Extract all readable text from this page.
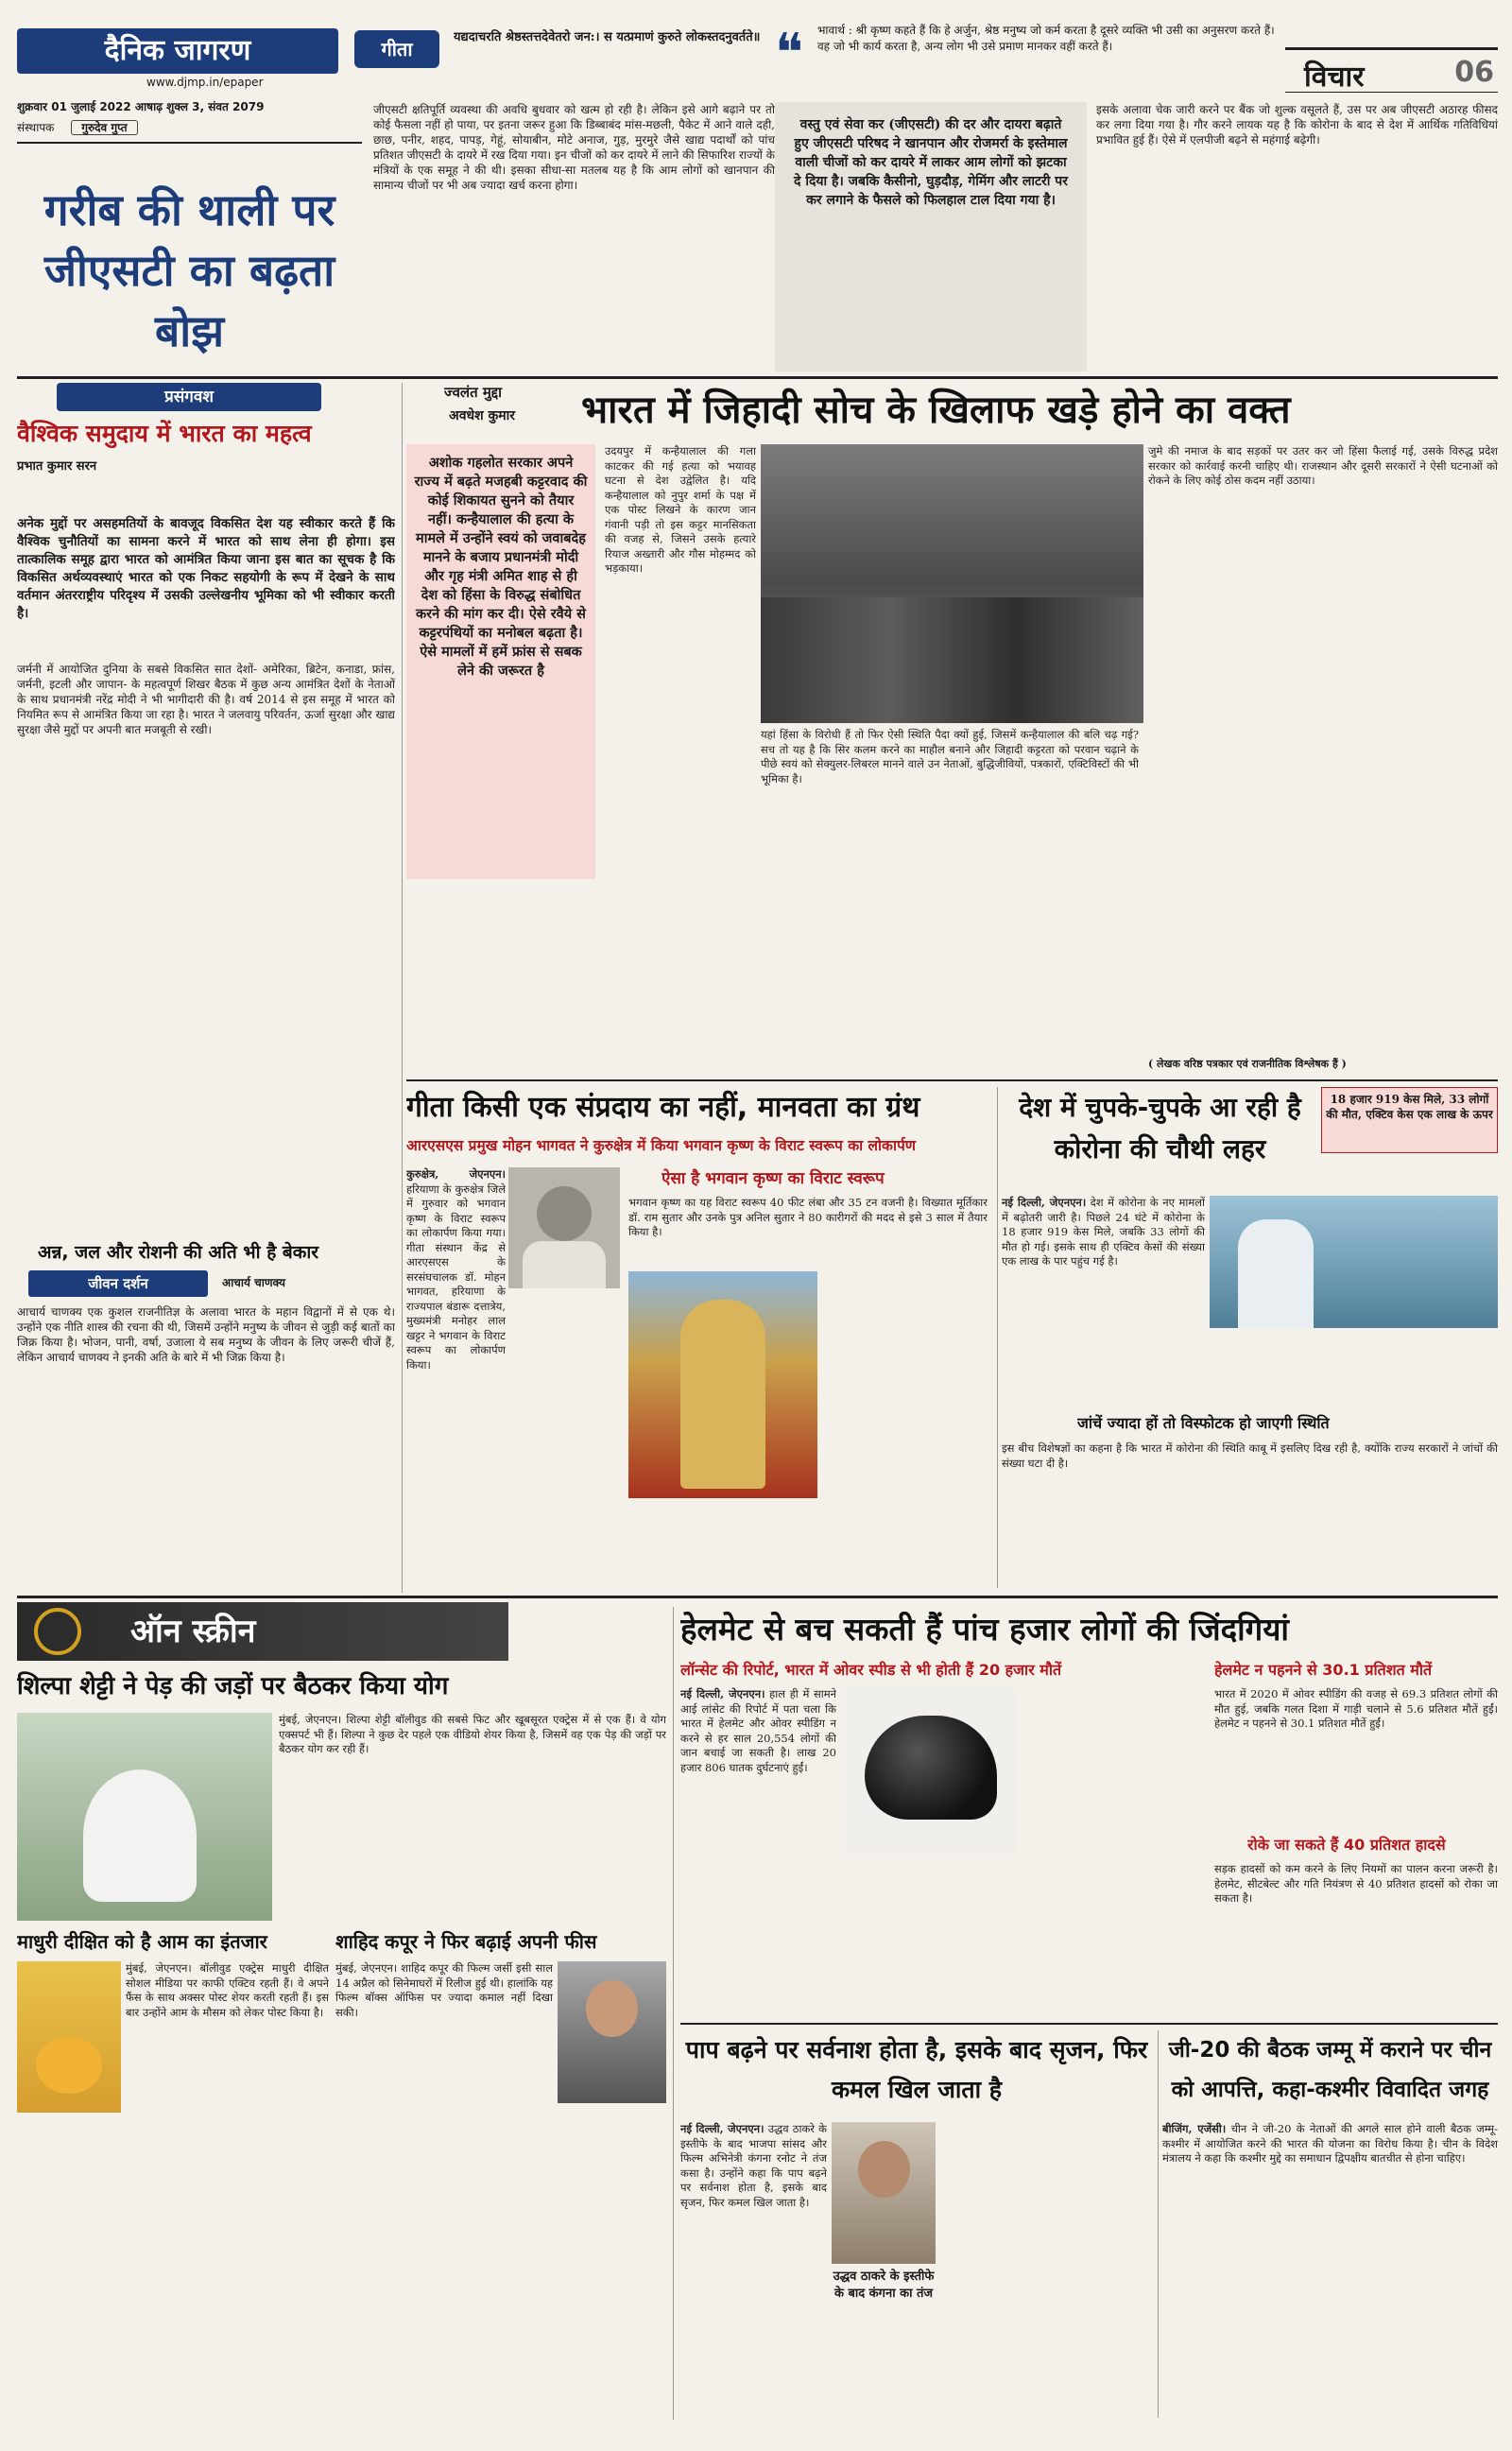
दैनिक जागरण
www.djmp.in/epaper
शुक्रवार 01 जुलाई 2022 आषाढ़ शुक्ल 3, संवत 2079
संस्थापक गुरुदेव गुप्त
गीता
यद्यदाचरति श्रेष्ठस्तत्तदेवेतरो जन:। स यत्प्रमाणं कुरुते लोकस्तदनुवर्तते॥ ❝	भावार्थ : श्री कृष्ण कहते हैं कि हे अर्जुन, श्रेष्ठ मनुष्य जो कर्म करता है दूसरे व्यक्ति भी उसी का अनुसरण करते हैं। वह जो भी कार्य करता है, अन्य लोग भी उसे प्रमाण मानकर वहीं करते हैं।
विचार	06
गरीब की थाली पर जीएसटी का बढ़ता बोझ
जीएसटी क्षतिपूर्ति व्यवस्था की अवधि बुधवार को खत्म हो रही है। लेकिन इसे आगे बढ़ाने पर तो कोई फैसला नहीं हो पाया, पर इतना जरूर हुआ कि डिब्बाबंद मांस-मछली, पैकेट में आने वाले दही, छाछ, पनीर, शहद, पापड़, गेहूं, सोयाबीन, मोटे अनाज, गुड़, मुरमुरे जैसे खाद्य पदार्थों को पांच प्रतिशत जीएसटी के दायरे में रख दिया गया। इन चीजों को कर दायरे में लाने की सिफारिश राज्यों के मंत्रियों के एक समूह ने की थी। इसका सीधा-सा मतलब यह है कि आम लोगों को खानपान की सामान्य चीजों पर भी अब ज्यादा खर्च करना होगा।
वस्तु एवं सेवा कर (जीएसटी) की दर और दायरा बढ़ाते हुए जीएसटी परिषद ने खानपान और रोजमर्रा के इस्तेमाल वाली चीजों को कर दायरे में लाकर आम लोगों को झटका दे दिया है। जबकि कैसीनो, घुड़दौड़, गेमिंग और लाटरी पर कर लगाने के फैसले को फिलहाल टाल दिया गया है।
इसके अलावा चेक जारी करने पर बैंक जो शुल्क वसूलते हैं, उस पर अब जीएसटी अठारह फीसद कर लगा दिया गया है। गौर करने लायक यह है कि कोरोना के बाद से देश में आर्थिक गतिविधियां प्रभावित हुई हैं। ऐसे में एलपीजी बढ़ने से महंगाई बढ़ेगी।
प्रसंगवश
वैश्विक समुदाय में भारत का महत्व
प्रभात कुमार सरन
अनेक मुद्दों पर असहमतियों के बावजूद विकसित देश यह स्वीकार करते हैं कि वैश्विक चुनौतियों का सामना करने में भारत को साथ लेना ही होगा। इस तात्कालिक समूह द्वारा भारत को आमंत्रित किया जाना इस बात का सूचक है कि विकसित अर्थव्यवस्थाएं भारत को एक निकट सहयोगी के रूप में देखने के साथ वर्तमान अंतरराष्ट्रीय परिदृश्य में उसकी उल्लेखनीय भूमिका को भी स्वीकार करती है।
जर्मनी में आयोजित दुनिया के सबसे विकसित सात देशों- अमेरिका, ब्रिटेन, कनाडा, फ्रांस, जर्मनी, इटली और जापान- के महत्वपूर्ण शिखर बैठक में कुछ अन्य आमंत्रित देशों के नेताओं के साथ प्रधानमंत्री नरेंद्र मोदी ने भी भागीदारी की है। वर्ष 2014 से इस समूह में भारत को नियमित रूप से आमंत्रित किया जा रहा है। भारत ने जलवायु परिवर्तन, ऊर्जा सुरक्षा और खाद्य सुरक्षा जैसे मुद्दों पर अपनी बात मजबूती से रखी।
अन्न, जल और रोशनी की अति भी है बेकार
जीवन दर्शन	आचार्य चाणक्य
आचार्य चाणक्य एक कुशल राजनीतिज्ञ के अलावा भारत के महान विद्वानों में से एक थे। उन्होंने एक नीति शास्त्र की रचना की थी, जिसमें उन्होंने मनुष्य के जीवन से जुड़ी कई बातों का जिक्र किया है। भोजन, पानी, वर्षा, उजाला ये सब मनुष्य के जीवन के लिए जरूरी चीजें हैं, लेकिन आचार्य चाणक्य ने इनकी अति के बारे में भी जिक्र किया है।
ज्वलंत मुद्दा
अवधेश कुमार	भारत में जिहादी सोच के खिलाफ खड़े होने का वक्त
अशोक गहलोत सरकार अपने राज्य में बढ़ते मजहबी कट्टरवाद की कोई शिकायत सुनने को तैयार नहीं। कन्हैयालाल की हत्या के मामले में उन्होंने स्वयं को जवाबदेह मानने के बजाय प्रधानमंत्री मोदी और गृह मंत्री अमित शाह से ही देश को हिंसा के विरुद्ध संबोधित करने की मांग कर दी। ऐसे रवैये से कट्टरपंथियों का मनोबल बढ़ता है। ऐसे मामलों में हमें फ्रांस से सबक लेने की जरूरत है
उदयपुर में कन्हैयालाल की गला काटकर की गई हत्या को भयावह घटना से देश उद्वेलित है। यदि कन्हैयालाल को नुपुर शर्मा के पक्ष में एक पोस्ट लिखने के कारण जान गंवानी पड़ी तो इस कट्टर मानसिकता की वजह से, जिसने उसके हत्यारे रियाज अख्तारी और गौस मोहम्मद को भड़काया।
यहां हिंसा के विरोधी हैं तो फिर ऐसी स्थिति पैदा क्यों हुई, जिसमें कन्हैयालाल की बलि चढ़ गई? सच तो यह है कि सिर कलम करने का माहौल बनाने और जिहादी कट्टरता को परवान चढ़ाने के पीछे स्वयं को सेक्युलर-लिबरल मानने वाले उन नेताओं, बुद्धिजीवियों, पत्रकारों, एक्टिविस्टों की भी भूमिका है।
जुमे की नमाज के बाद सड़कों पर उतर कर जो हिंसा फैलाई गई, उसके विरुद्ध प्रदेश सरकार को कार्रवाई करनी चाहिए थी। राजस्थान और दूसरी सरकारों ने ऐसी घटनाओं को रोकने के लिए कोई ठोस कदम नहीं उठाया।
( लेखक वरिष्ठ पत्रकार एवं राजनीतिक विश्लेषक हैं )
गीता किसी एक संप्रदाय का नहीं, मानवता का ग्रंथ
आरएसएस प्रमुख मोहन भागवत ने कुरुक्षेत्र में किया भगवान कृष्ण के विराट स्वरूप का लोकार्पण
कुरुक्षेत्र, जेएनएन। हरियाणा के कुरुक्षेत्र जिले में गुरुवार को भगवान कृष्ण के विराट स्वरूप का लोकार्पण किया गया। गीता संस्थान केंद्र से आरएसएस के सरसंघचालक डॉ. मोहन भागवत, हरियाणा के राज्यपाल बंडारू दत्तात्रेय, मुख्यमंत्री मनोहर लाल खट्टर ने भगवान के विराट स्वरूप का लोकार्पण किया।
ऐसा है भगवान कृष्ण का विराट स्वरूप
भगवान कृष्ण का यह विराट स्वरूप 40 फीट लंबा और 35 टन वजनी है। विख्यात मूर्तिकार डॉ. राम सुतार और उनके पुत्र अनिल सुतार ने 80 कारीगरों की मदद से इसे 3 साल में तैयार किया है।
देश में चुपके-चुपके आ रही है कोरोना की चौथी लहर
18 हजार 919 केस मिले, 33 लोगों की मौत, एक्टिव केस एक लाख के ऊपर
नई दिल्ली, जेएनएन। देश में कोरोना के नए मामलों में बढ़ोतरी जारी है। पिछले 24 घंटे में कोरोना के 18 हजार 919 केस मिले, जबकि 33 लोगों की मौत हो गई। इसके साथ ही एक्टिव केसों की संख्या एक लाख के पार पहुंच गई है।
जांचें ज्यादा हों तो विस्फोटक हो जाएगी स्थिति
इस बीच विशेषज्ञों का कहना है कि भारत में कोरोना की स्थिति काबू में इसलिए दिख रही है, क्योंकि राज्य सरकारों ने जांचों की संख्या घटा दी है।
ऑन स्क्रीन
शिल्पा शेट्टी ने पेड़ की जड़ों पर बैठकर किया योग
मुंबई, जेएनएन। शिल्पा शेट्टी बॉलीवुड की सबसे फिट और खूबसूरत एक्ट्रेस में से एक हैं। वे योग एक्सपर्ट भी हैं। शिल्पा ने कुछ देर पहले एक वीडियो शेयर किया है, जिसमें वह एक पेड़ की जड़ों पर बैठकर योग कर रही हैं।
माधुरी दीक्षित को है आम का इंतजार
मुंबई, जेएनएन। बॉलीवुड एक्ट्रेस माधुरी दीक्षित सोशल मीडिया पर काफी एक्टिव रहती हैं। वे अपने फैंस के साथ अक्सर पोस्ट शेयर करती रहती हैं। इस बार उन्होंने आम के मौसम को लेकर पोस्ट किया है।
शाहिद कपूर ने फिर बढ़ाई अपनी फीस
मुंबई, जेएनएन। शाहिद कपूर की फिल्म जर्सी इसी साल 14 अप्रैल को सिनेमाघरों में रिलीज हुई थी। हालांकि यह फिल्म बॉक्स ऑफिस पर ज्यादा कमाल नहीं दिखा सकी।
हेलमेट से बच सकती हैं पांच हजार लोगों की जिंदगियां
लॉन्सेट की रिपोर्ट, भारत में ओवर स्पीड से भी होती हैं 20 हजार मौतें
नई दिल्ली, जेएनएन। हाल ही में सामने आई लांसेट की रिपोर्ट में पता चला कि भारत में हेलमेट और ओवर स्पीडिंग न करने से हर साल 20,554 लोगों की जान बचाई जा सकती है। लाख 20 हजार 806 घातक दुर्घटनाएं हुईं।
हेलमेट न पहनने से 30.1 प्रतिशत मौतें
भारत में 2020 में ओवर स्पीडिंग की वजह से 69.3 प्रतिशत लोगों की मौत हुई, जबकि गलत दिशा में गाड़ी चलाने से 5.6 प्रतिशत मौतें हुईं। हेलमेट न पहनने से 30.1 प्रतिशत मौतें हुईं।
रोके जा सकते हैं 40 प्रतिशत हादसे
सड़क हादसों को कम करने के लिए नियमों का पालन करना जरूरी है। हेलमेट, सीटबेल्ट और गति नियंत्रण से 40 प्रतिशत हादसों को रोका जा सकता है।
पाप बढ़ने पर सर्वनाश होता है, इसके बाद सृजन, फिर कमल खिल जाता है
नई दिल्ली, जेएनएन। उद्धव ठाकरे के इस्तीफे के बाद भाजपा सांसद और फिल्म अभिनेत्री कंगना रनोट ने तंज कसा है। उन्होंने कहा कि पाप बढ़ने पर सर्वनाश होता है, इसके बाद सृजन, फिर कमल खिल जाता है।
उद्धव ठाकरे के इस्तीफे के बाद कंगना का तंज
जी-20 की बैठक जम्मू में कराने पर चीन को आपत्ति, कहा-कश्मीर विवादित जगह
बीजिंग, एजेंसी। चीन ने जी-20 के नेताओं की अगले साल होने वाली बैठक जम्मू-कश्मीर में आयोजित करने की भारत की योजना का विरोध किया है। चीन के विदेश मंत्रालय ने कहा कि कश्मीर मुद्दे का समाधान द्विपक्षीय बातचीत से होना चाहिए।
